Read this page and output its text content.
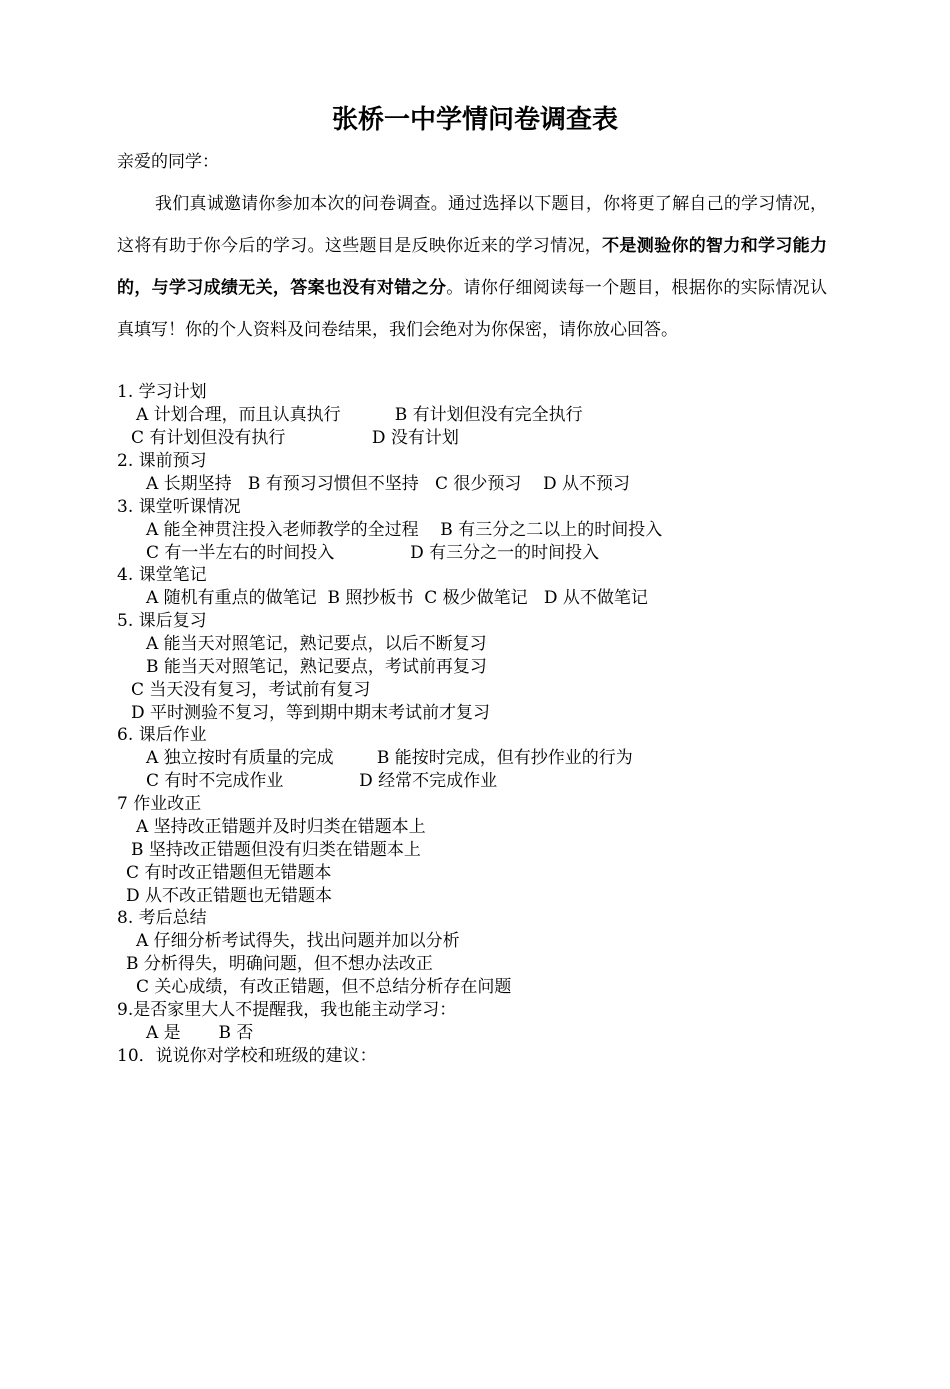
张桥一中学情问卷调查表

亲爱的同学：

我们真诚邀请你参加本次的问卷调查。通过选择以下题目，你将更了解自己的学习情况，这将有助于你今后的学习。这些题目是反映你近来的学习情况，不是测验你的智力和学习能力的，与学习成绩无关，答案也没有对错之分。请你仔细阅读每一个题目，根据你的实际情况认真填写！你的个人资料及问卷结果，我们会绝对为你保密，请你放心回答。

1. 学习计划

A 计划合理，而且认真执行          B 有计划但没有完全执行

C 有计划但没有执行                D 没有计划

2. 课前预习

A 长期坚持   B 有预习习惯但不坚持   C 很少预习    D 从不预习

3. 课堂听课情况

A 能全神贯注投入老师教学的全过程    B 有三分之二以上的时间投入

C 有一半左右的时间投入              D 有三分之一的时间投入

4. 课堂笔记

A 随机有重点的做笔记  B 照抄板书  C 极少做笔记   D 从不做笔记

5. 课后复习

A 能当天对照笔记，熟记要点，以后不断复习

B 能当天对照笔记，熟记要点，考试前再复习

C 当天没有复习，考试前有复习

D 平时测验不复习，等到期中期末考试前才复习

6. 课后作业

A 独立按时有质量的完成        B 能按时完成，但有抄作业的行为

C 有时不完成作业              D 经常不完成作业

7 作业改正

A 坚持改正错题并及时归类在错题本上

B 坚持改正错题但没有归类在错题本上

C 有时改正错题但无错题本

D 从不改正错题也无错题本

8. 考后总结

A 仔细分析考试得失，找出问题并加以分析

B 分析得失，明确问题，但不想办法改正

C 关心成绩，有改正错题，但不总结分析存在问题

9.是否家里大人不提醒我，我也能主动学习：

A 是       B 否

10．说说你对学校和班级的建议：
